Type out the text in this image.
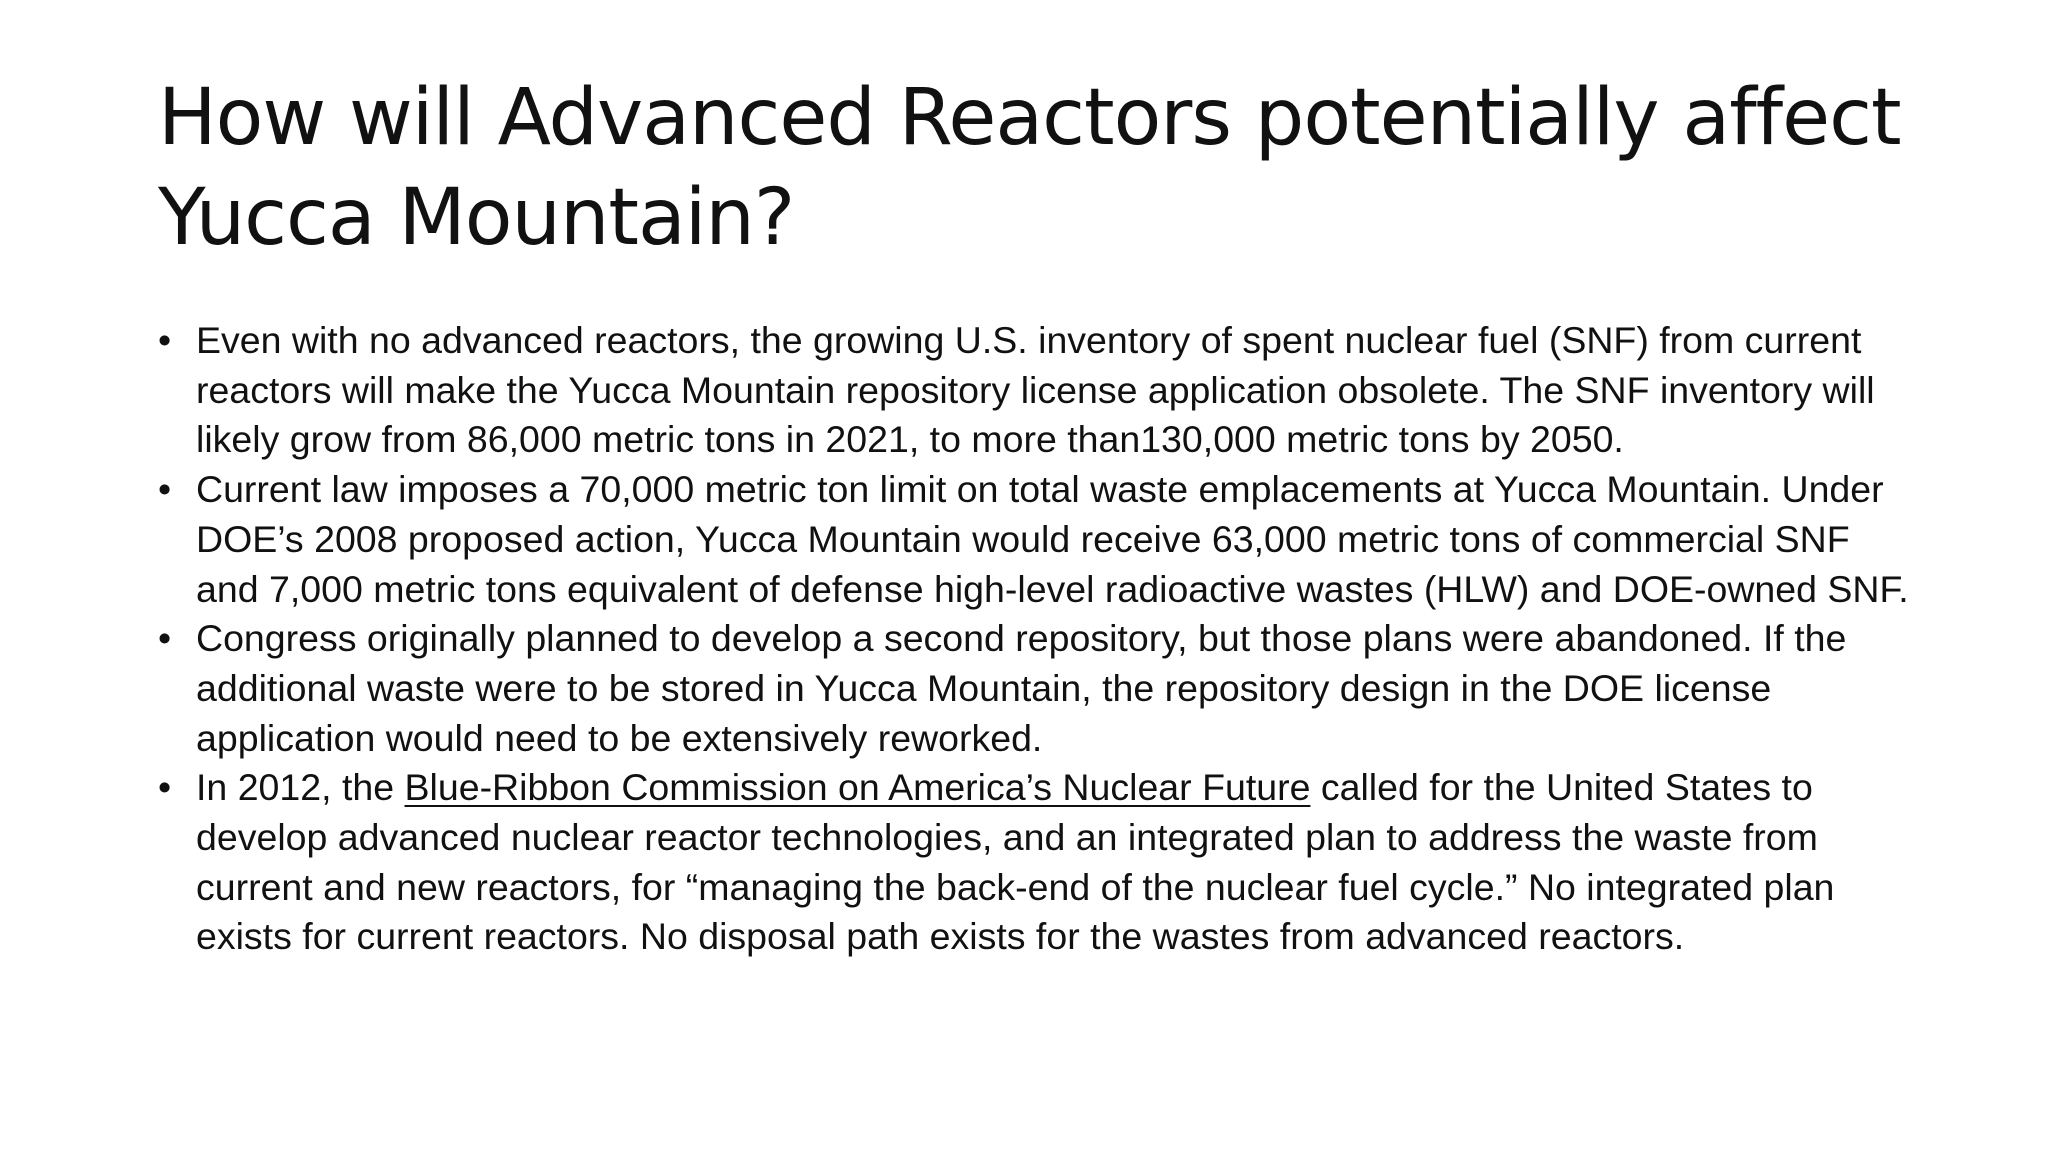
How will Advanced Reactors potentially affect Yucca Mountain?
• Even with no advanced reactors, the growing U.S. inventory of spent nuclear fuel (SNF) from current reactors will make the Yucca Mountain repository license application obsolete. The SNF inventory will likely grow from 86,000 metric tons in 2021, to more than130,000 metric tons by 2050.
• Current law imposes a 70,000 metric ton limit on total waste emplacements at Yucca Mountain. Under DOE’s 2008 proposed action, Yucca Mountain would receive 63,000 metric tons of commercial SNF and 7,000 metric tons equivalent of defense high-level radioactive wastes (HLW) and DOE-owned SNF.
• Congress originally planned to develop a second repository, but those plans were abandoned. If the additional waste were to be stored in Yucca Mountain, the repository design in the DOE license application would need to be extensively reworked.
• In 2012, the Blue-Ribbon Commission on America’s Nuclear Future called for the United States to develop advanced nuclear reactor technologies, and an integrated plan to address the waste from current and new reactors, for “managing the back-end of the nuclear fuel cycle.” No integrated plan exists for current reactors. No disposal path exists for the wastes from advanced reactors.
